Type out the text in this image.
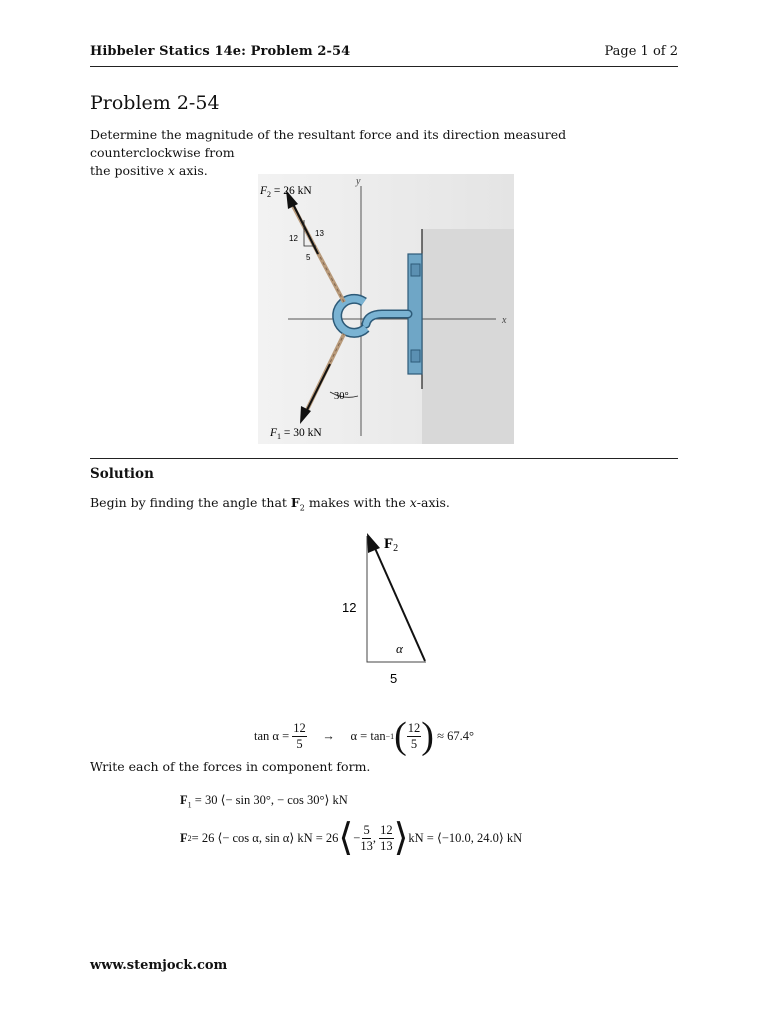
Hibbeler Statics 14e: Problem 2-54	Page 1 of 2
Problem 2-54
Determine the magnitude of the resultant force and its direction measured counterclockwise from
the positive x axis.
$F_2 = 26$ kN
y
x
12
13
5
30°
$F_1 = 30$ kN
Solution
Begin by finding the angle that $F_2$ makes with the x-axis.
$F_2$
12
5
α
tan α =
$\frac{12}{5}$
→
α = tan −1 ( $\frac{12}{5}$ )
≈ 67.4°
Write each of the forces in component form.
$F_1 = 30$ ⟨− sin 30°, − cos 30°⟩ kN
F 2 = 26 ⟨− cos α, sin α⟩ kN = 26 ⟨ − $\frac{5}{13}$ , $\frac{12}{13}$ ⟩ kN = ⟨−10.0, 24.0⟩ kN
www.stemjock.com
